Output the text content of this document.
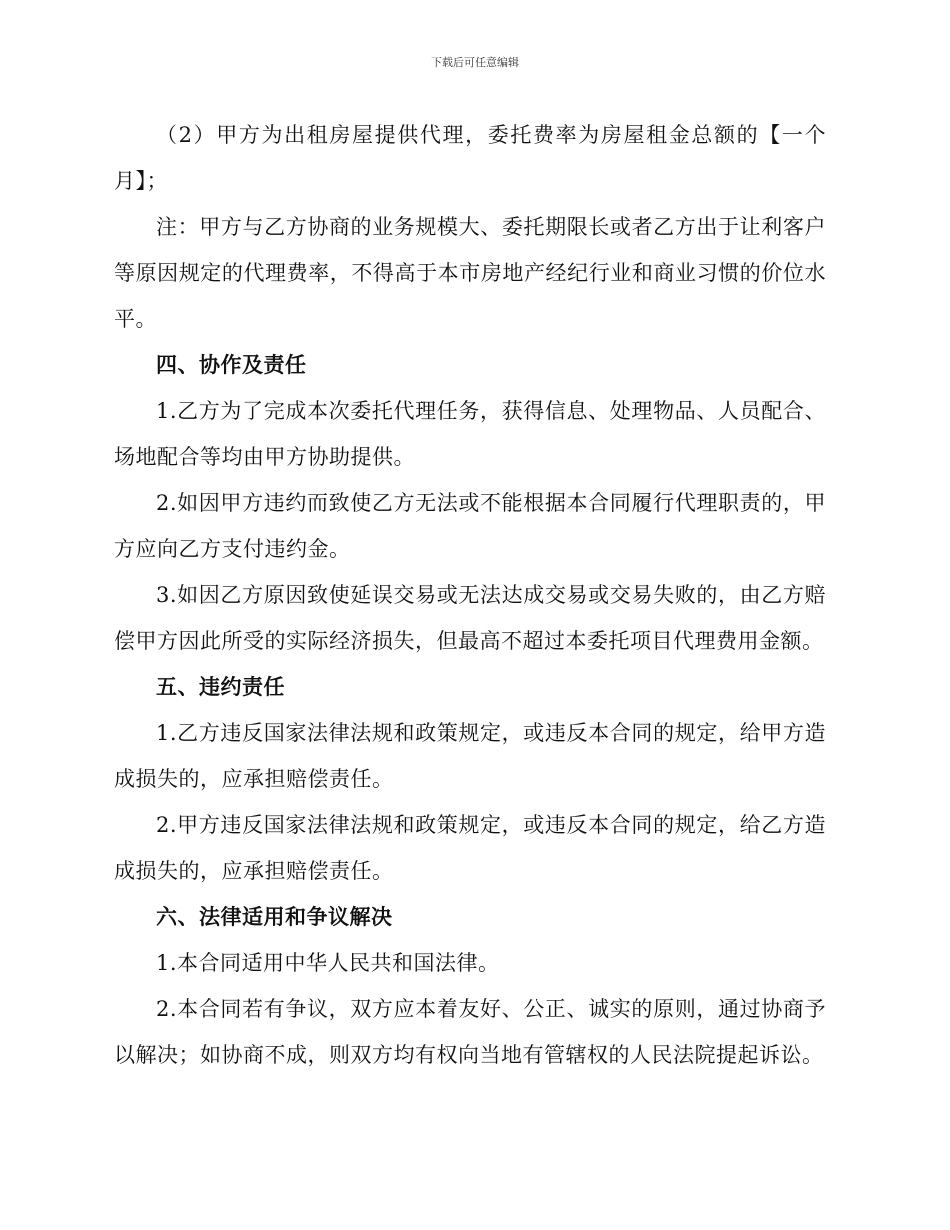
下载后可任意编辑

（2）甲方为出租房屋提供代理，委托费率为房屋租金总额的【一个月】；

注：甲方与乙方协商的业务规模大、委托期限长或者乙方出于让利客户等原因规定的代理费率，不得高于本市房地产经纪行业和商业习惯的价位水平。

四、协作及责任

1.乙方为了完成本次委托代理任务，获得信息、处理物品、人员配合、场地配合等均由甲方协助提供。

2.如因甲方违约而致使乙方无法或不能根据本合同履行代理职责的，甲方应向乙方支付违约金。

3.如因乙方原因致使延误交易或无法达成交易或交易失败的，由乙方赔偿甲方因此所受的实际经济损失，但最高不超过本委托项目代理费用金额。

五、违约责任

1.乙方违反国家法律法规和政策规定，或违反本合同的规定，给甲方造成损失的，应承担赔偿责任。

2.甲方违反国家法律法规和政策规定，或违反本合同的规定，给乙方造成损失的，应承担赔偿责任。

六、法律适用和争议解决

1.本合同适用中华人民共和国法律。

2.本合同若有争议，双方应本着友好、公正、诚实的原则，通过协商予以解决；如协商不成，则双方均有权向当地有管辖权的人民法院提起诉讼。
